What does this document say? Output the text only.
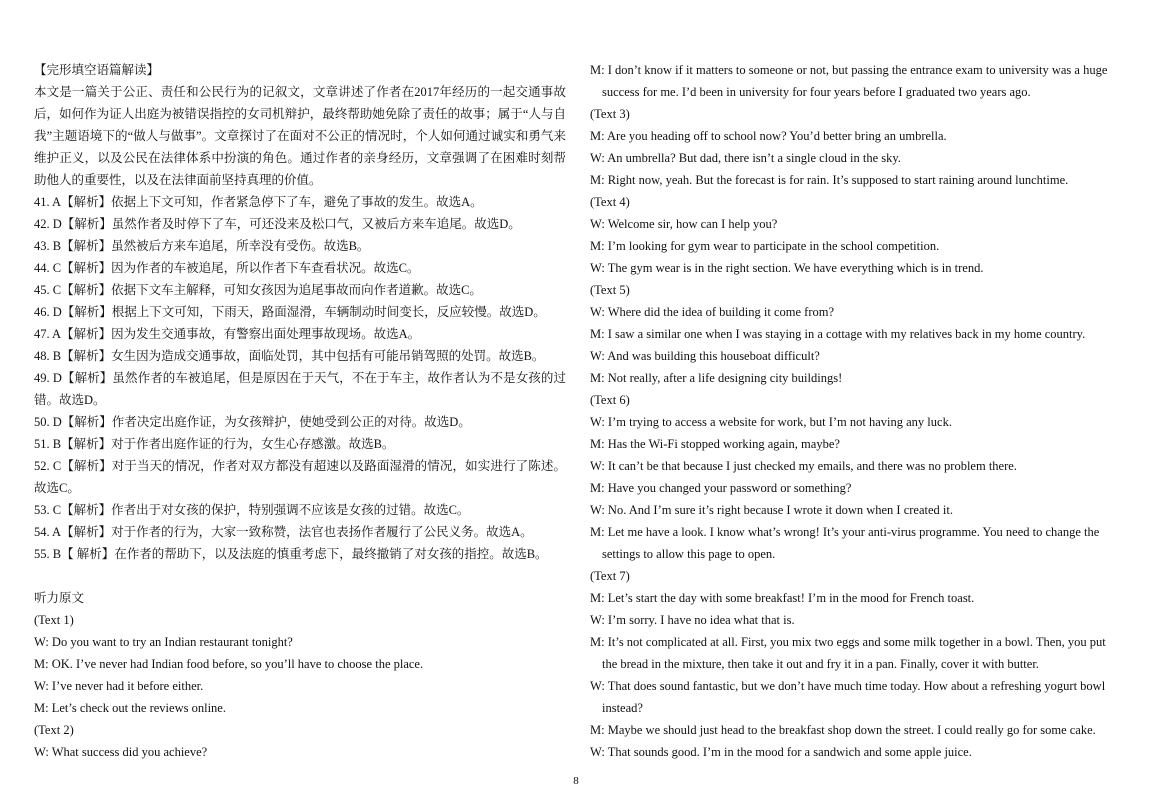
【完形填空语篇解读】
本文是一篇关于公正、责任和公民行为的记叙文，文章讲述了作者在2017年经历的一起交通事故后，如何作为证人出庭为被错误指控的女司机辩护，最终帮助她免除了责任的故事；属于“人与自我”主题语境下的“做人与做事”。文章探讨了在面对不公正的情况时，个人如何通过诚实和勇气来维护正义，以及公民在法律体系中扮演的角色。通过作者的亲身经历，文章强调了在困难时刻帮助他人的重要性，以及在法律面前坚持真理的价值。
41. A【解析】依据上下文可知，作者紧急停下了车，避免了事故的发生。故选A。
42. D【解析】虽然作者及时停下了车，可还没来及松口气，又被后方来车追尾。故选D。
43. B【解析】虽然被后方来车追尾，所幸没有受伤。故选B。
44. C【解析】因为作者的车被追尾，所以作者下车查看状况。故选C。
45. C【解析】依据下文车主解释，可知女孩因为追尾事故而向作者道歉。故选C。
46. D【解析】根据上下文可知，下雨天，路面湿滑，车辆制动时间变长，反应较慢。故选D。
47. A【解析】因为发生交通事故，有警察出面处理事故现场。故选A。
48. B【解析】女生因为造成交通事故，面临处罚，其中包括有可能吊销驾照的处罚。故选B。
49. D【解析】虽然作者的车被追尾，但是原因在于天气，不在于车主，故作者认为不是女孩的过错。故选D。
50. D【解析】作者决定出庭作证，为女孩辩护，使她受到公正的对待。故选D。
51. B【解析】对于作者出庭作证的行为，女生心存感激。故选B。
52. C【解析】对于当天的情况，作者对双方都没有超速以及路面湿滑的情况，如实进行了陈述。故选C。
53. C【解析】作者出于对女孩的保护，特别强调不应该是女孩的过错。故选C。
54. A【解析】对于作者的行为，大家一致称赞，法官也表扬作者履行了公民义务。故选A。
55. B【 解析】在作者的帮助下，以及法庭的慎重考虑下，最终撤销了对女孩的指控。故选B。
听力原文
(Text 1)
W: Do you want to try an Indian restaurant tonight?
M: OK. I’ve never had Indian food before, so you’ll have to choose the place.
W: I’ve never had it before either.
M: Let’s check out the reviews online.
(Text 2)
W: What success did you achieve?
M: I don’t know if it matters to someone or not, but passing the entrance exam to university was a huge success for me. I’d been in university for four years before I graduated two years ago.
(Text 3)
M: Are you heading off to school now? You’d better bring an umbrella.
W: An umbrella? But dad, there isn’t a single cloud in the sky.
M: Right now, yeah. But the forecast is for rain. It’s supposed to start raining around lunchtime.
(Text 4)
W: Welcome sir, how can I help you?
M: I’m looking for gym wear to participate in the school competition.
W: The gym wear is in the right section. We have everything which is in trend.
(Text 5)
W: Where did the idea of building it come from?
M: I saw a similar one when I was staying in a cottage with my relatives back in my home country.
W: And was building this houseboat difficult?
M: Not really, after a life designing city buildings!
(Text 6)
W: I’m trying to access a website for work, but I’m not having any luck.
M: Has the Wi-Fi stopped working again, maybe?
W: It can’t be that because I just checked my emails, and there was no problem there.
M: Have you changed your password or something?
W: No. And I’m sure it’s right because I wrote it down when I created it.
M: Let me have a look. I know what’s wrong! It’s your anti-virus programme. You need to change the settings to allow this page to open.
(Text 7)
M: Let’s start the day with some breakfast! I’m in the mood for French toast.
W: I’m sorry. I have no idea what that is.
M: It’s not complicated at all. First, you mix two eggs and some milk together in a bowl. Then, you put the bread in the mixture, then take it out and fry it in a pan. Finally, cover it with butter.
W: That does sound fantastic, but we don’t have much time today. How about a refreshing yogurt bowl instead?
M: Maybe we should just head to the breakfast shop down the street. I could really go for some cake.
W: That sounds good. I’m in the mood for a sandwich and some apple juice.
8
